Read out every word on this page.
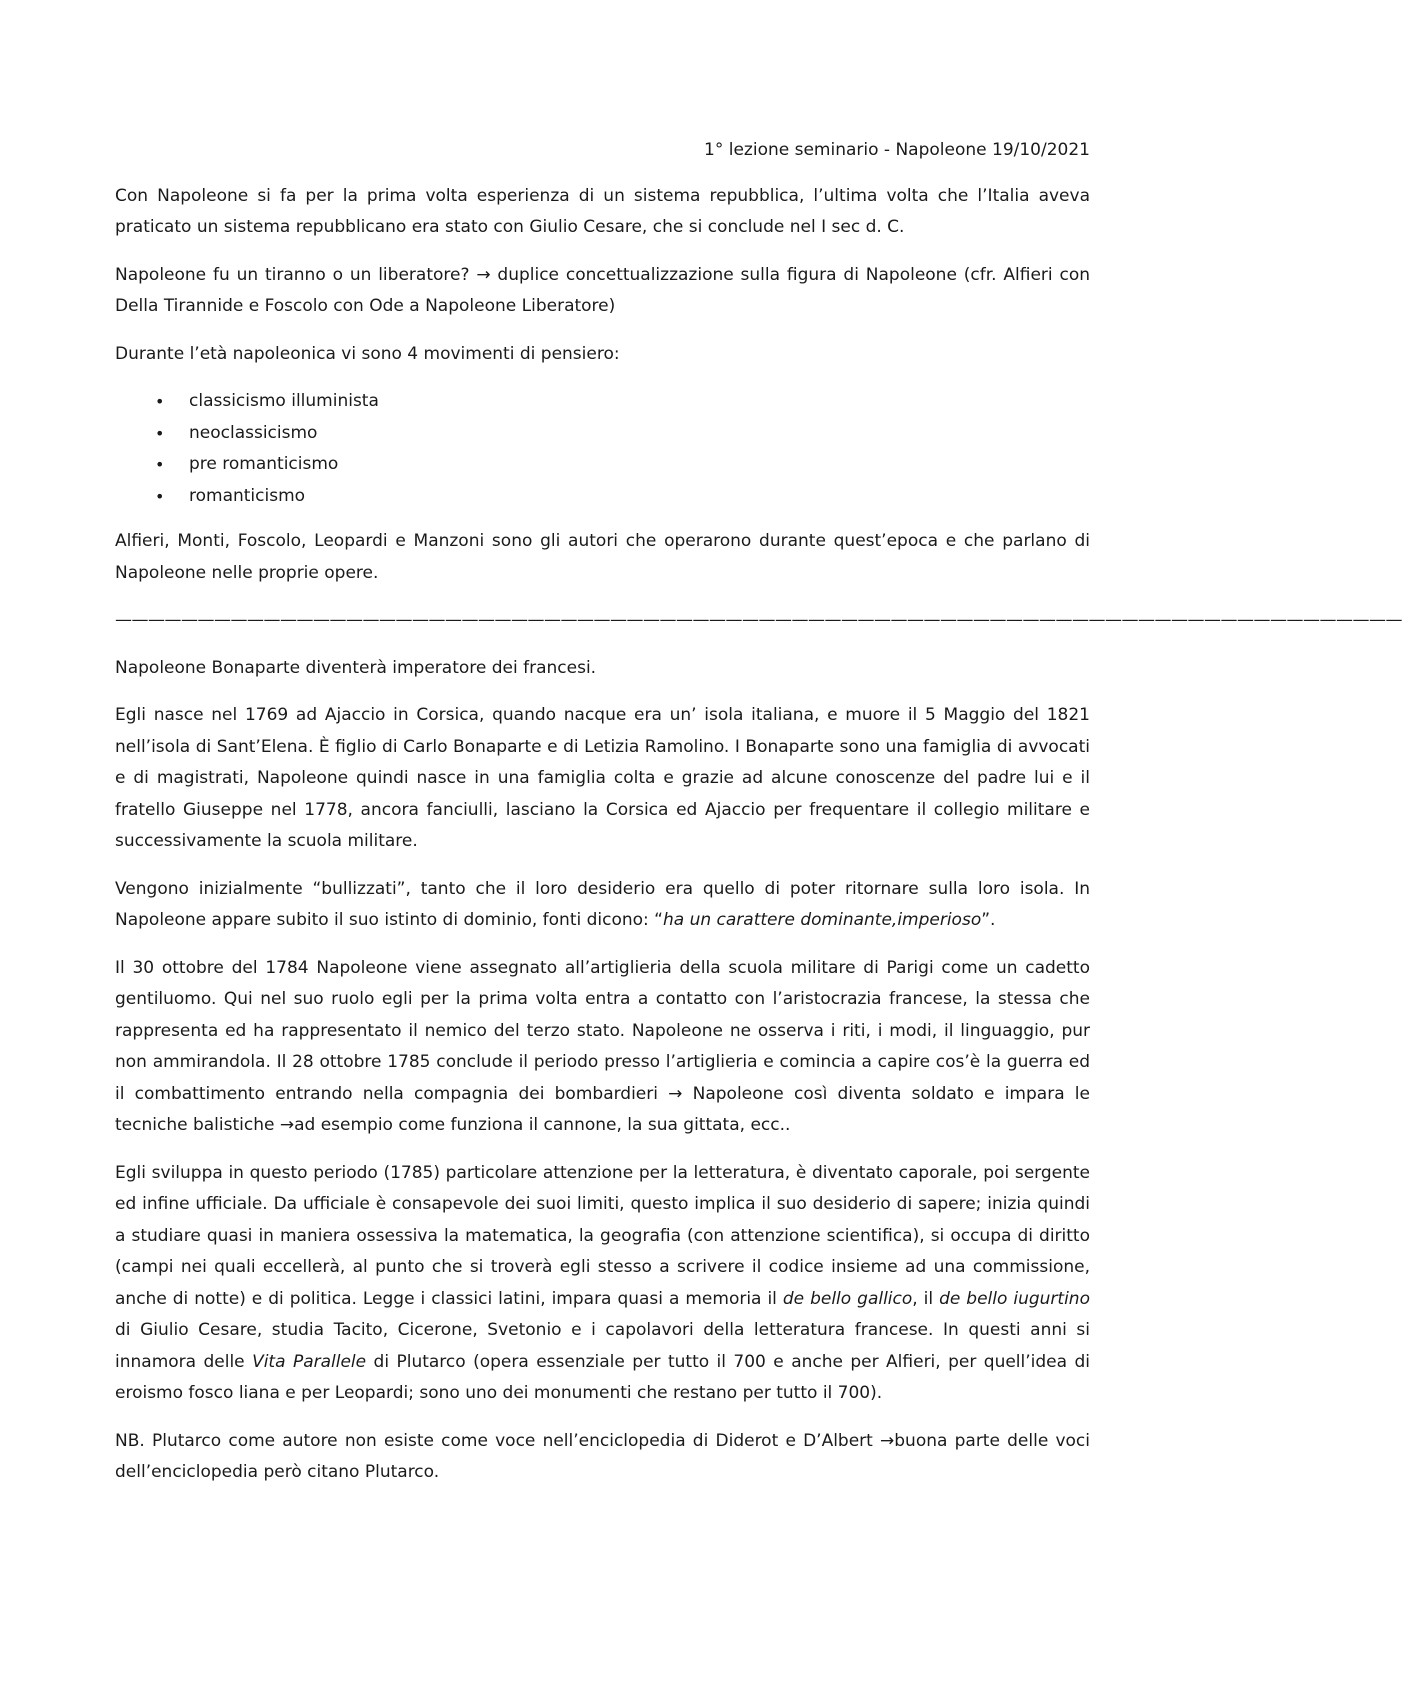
1° lezione seminario - Napoleone 19/10/2021

Con Napoleone si fa per la prima volta esperienza di un sistema repubblica, l’ultima volta che l’Italia aveva praticato un sistema repubblicano era stato con Giulio Cesare, che si conclude nel I sec d. C.

Napoleone fu un tiranno o un liberatore? → duplice concettualizzazione sulla figura di Napoleone (cfr. Alfieri con Della Tirannide e Foscolo con Ode a Napoleone Liberatore)

Durante l’età napoleonica vi sono 4 movimenti di pensiero:

• classicismo illuminista
• neoclassicismo
• pre romanticismo
• romanticismo

Alfieri, Monti, Foscolo, Leopardi e Manzoni sono gli autori che operarono durante quest’epoca e che parlano di Napoleone nelle proprie opere.

——————————————————————————————————————————————————————————————————————————————

Napoleone Bonaparte diventerà imperatore dei francesi.

Egli nasce nel 1769 ad Ajaccio in Corsica, quando nacque era un’ isola italiana, e muore il 5 Maggio del 1821 nell’isola di Sant’Elena. È figlio di Carlo Bonaparte e di Letizia Ramolino. I Bonaparte sono una famiglia di avvocati e di magistrati, Napoleone quindi nasce in una famiglia colta e grazie ad alcune conoscenze del padre lui e il fratello Giuseppe nel 1778, ancora fanciulli, lasciano la Corsica ed Ajaccio per frequentare il collegio militare e successivamente la scuola militare.

Vengono inizialmente “bullizzati”, tanto che il loro desiderio era quello di poter ritornare sulla loro isola. In Napoleone appare subito il suo istinto di dominio, fonti dicono: “ha un carattere dominante,imperioso”.

Il 30 ottobre del 1784 Napoleone viene assegnato all’artiglieria della scuola militare di Parigi come un cadetto gentiluomo. Qui nel suo ruolo egli per la prima volta entra a contatto con l’aristocrazia francese, la stessa che rappresenta ed ha rappresentato il nemico del terzo stato. Napoleone ne osserva i riti, i modi, il linguaggio, pur non ammirandola. Il 28 ottobre 1785 conclude il periodo presso l’artiglieria e comincia a capire cos’è la guerra ed il combattimento entrando nella compagnia dei bombardieri → Napoleone così diventa soldato e impara le tecniche balistiche →ad esempio come funziona il cannone, la sua gittata, ecc..

Egli sviluppa in questo periodo (1785) particolare attenzione per la letteratura, è diventato caporale, poi sergente ed infine ufficiale. Da ufficiale è consapevole dei suoi limiti, questo implica il suo desiderio di sapere; inizia quindi a studiare quasi in maniera ossessiva la matematica, la geografia (con attenzione scientifica), si occupa di diritto (campi nei quali eccellerà, al punto che si troverà egli stesso a scrivere il codice insieme ad una commissione, anche di notte) e di politica. Legge i classici latini, impara quasi a memoria il de bello gallico, il de bello iugurtino di Giulio Cesare, studia Tacito, Cicerone, Svetonio e i capolavori della letteratura francese. In questi anni si innamora delle Vita Parallele di Plutarco (opera essenziale per tutto il 700 e anche per Alfieri, per quell’idea di eroismo fosco liana e per Leopardi; sono uno dei monumenti che restano per tutto il 700).

NB. Plutarco come autore non esiste come voce nell’enciclopedia di Diderot e D’Albert →buona parte delle voci dell’enciclopedia però citano Plutarco.
